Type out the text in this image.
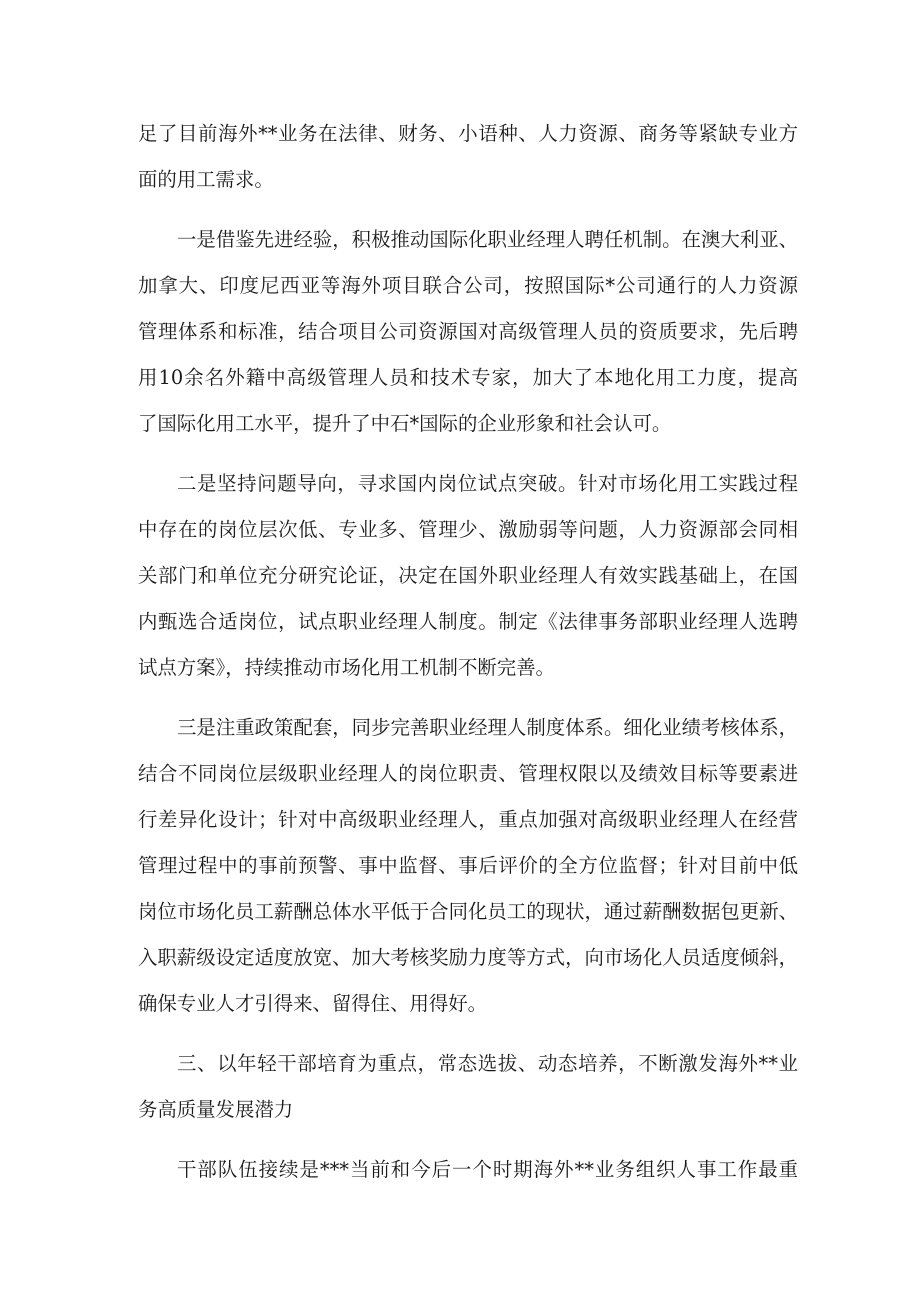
足了目前海外**业务在法律、财务、小语种、人力资源、商务等紧缺专业方

面的用工需求。

一是借鉴先进经验，积极推动国际化职业经理人聘任机制。在澳大利亚、

加拿大、印度尼西亚等海外项目联合公司，按照国际*公司通行的人力资源

管理体系和标准，结合项目公司资源国对高级管理人员的资质要求，先后聘

用10余名外籍中高级管理人员和技术专家，加大了本地化用工力度，提高

了国际化用工水平，提升了中石*国际的企业形象和社会认可。

二是坚持问题导向，寻求国内岗位试点突破。针对市场化用工实践过程

中存在的岗位层次低、专业多、管理少、激励弱等问题，人力资源部会同相

关部门和单位充分研究论证，决定在国外职业经理人有效实践基础上，在国

内甄选合适岗位，试点职业经理人制度。制定《法律事务部职业经理人选聘

试点方案》，持续推动市场化用工机制不断完善。

三是注重政策配套，同步完善职业经理人制度体系。细化业绩考核体系，

结合不同岗位层级职业经理人的岗位职责、管理权限以及绩效目标等要素进

行差异化设计；针对中高级职业经理人，重点加强对高级职业经理人在经营

管理过程中的事前预警、事中监督、事后评价的全方位监督；针对目前中低

岗位市场化员工薪酬总体水平低于合同化员工的现状，通过薪酬数据包更新、

入职薪级设定适度放宽、加大考核奖励力度等方式，向市场化人员适度倾斜，

确保专业人才引得来、留得住、用得好。

三、以年轻干部培育为重点，常态选拔、动态培养，不断激发海外**业

务高质量发展潜力

干部队伍接续是***当前和今后一个时期海外**业务组织人事工作最重
